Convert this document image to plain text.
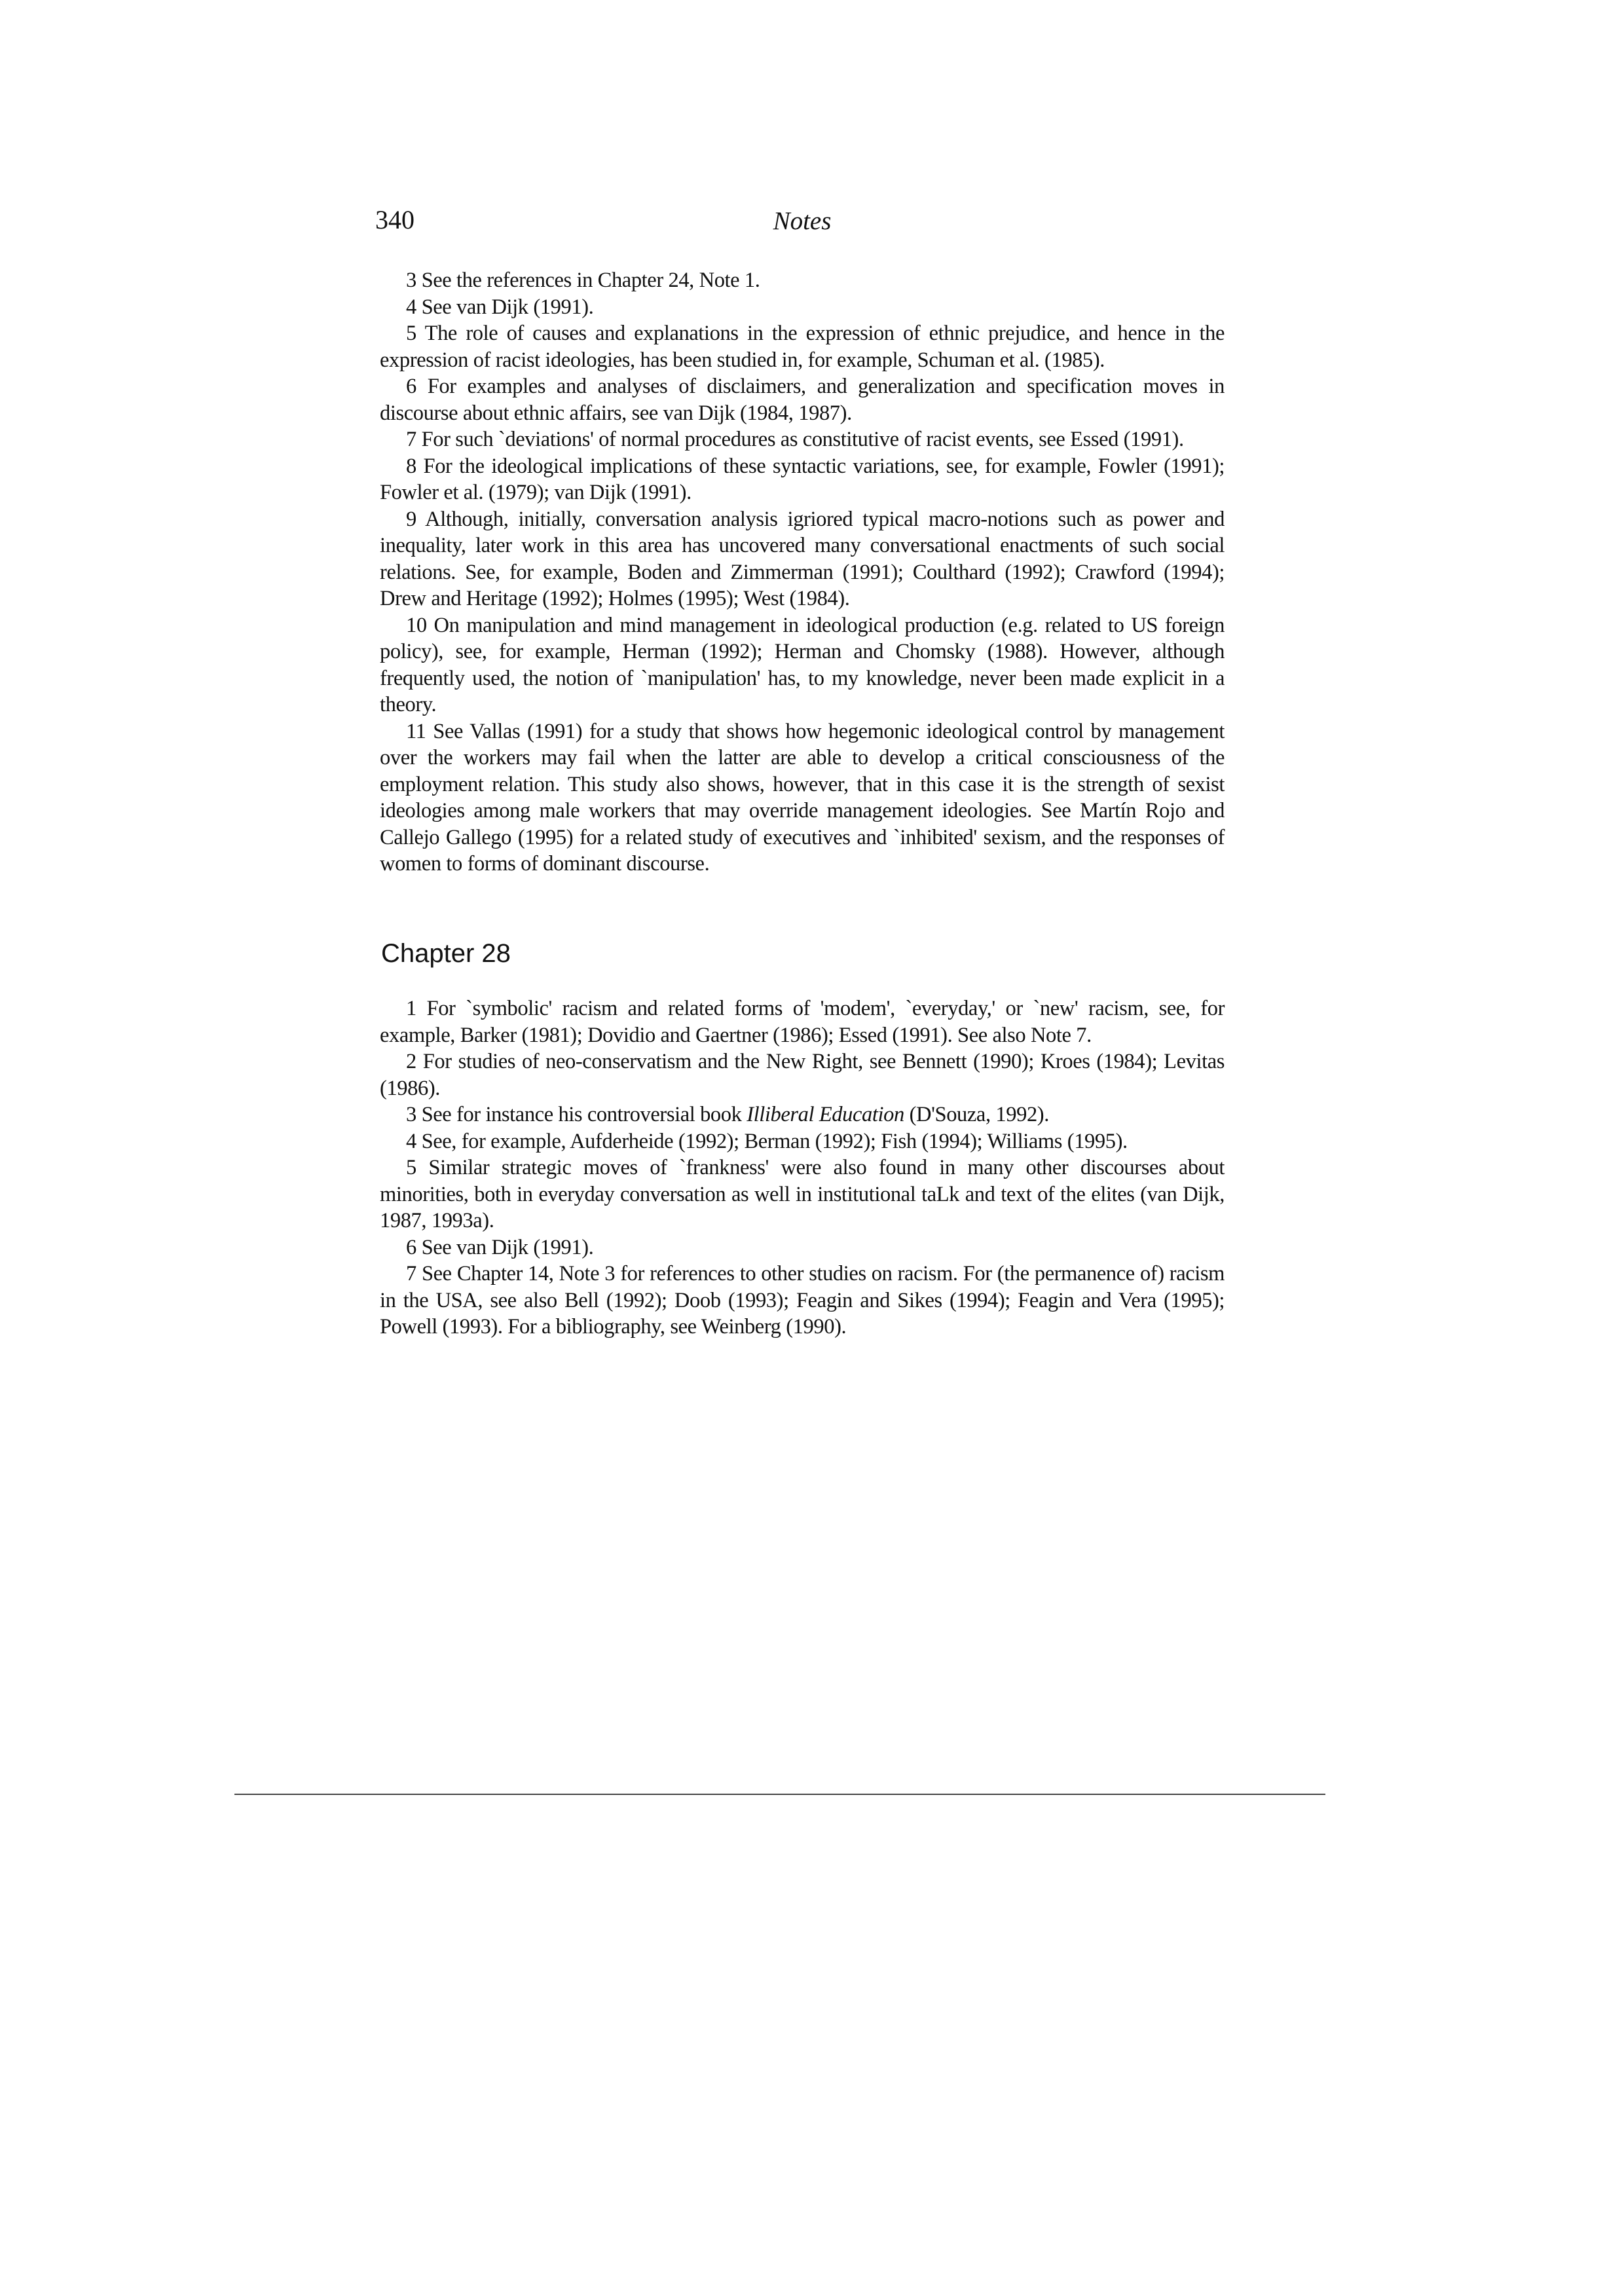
340	Notes

3 See the references in Chapter 24, Note 1.

4 See van Dijk (1991).

5 The role of causes and explanations in the expression of ethnic prejudice, and hence in the expression of racist ideologies, has been studied in, for example, Schuman et al. (1985).

6 For examples and analyses of disclaimers, and generalization and specification moves in discourse about ethnic affairs, see van Dijk (1984, 1987).

7 For such `deviations' of normal procedures as constitutive of racist events, see Essed (1991).

8 For the ideological implications of these syntactic variations, see, for example, Fowler (1991); Fowler et al. (1979); van Dijk (1991).

9 Although, initially, conversation analysis igriored typical macro-notions such as power and inequality, later work in this area has uncovered many conversational enactments of such social relations. See, for example, Boden and Zimmerman (1991); Coulthard (1992); Crawford (1994); Drew and Heritage (1992); Holmes (1995); West (1984).

10 On manipulation and mind management in ideological production (e.g. related to US foreign policy), see, for example, Herman (1992); Herman and Chomsky (1988). However, although frequently used, the notion of `manipulation' has, to my knowledge, never been made explicit in a theory.

11 See Vallas (1991) for a study that shows how hegemonic ideological control by management over the workers may fail when the latter are able to develop a critical consciousness of the employment relation. This study also shows, however, that in this case it is the strength of sexist ideologies among male workers that may override management ideologies. See Martín Rojo and Callejo Gallego (1995) for a related study of executives and `inhibited' sexism, and the responses of women to forms of dominant discourse.

Chapter 28

1 For `symbolic' racism and related forms of 'modem', `everyday,' or `new' racism, see, for example, Barker (1981); Dovidio and Gaertner (1986); Essed (1991). See also Note 7.

2 For studies of neo-conservatism and the New Right, see Bennett (1990); Kroes (1984); Levitas (1986).

3 See for instance his controversial book Illiberal Education (D'Souza, 1992).

4 See, for example, Aufderheide (1992); Berman (1992); Fish (1994); Williams (1995).

5 Similar strategic moves of `frankness' were also found in many other discourses about minorities, both in everyday conversation as well in institutional taLk and text of the elites (van Dijk, 1987, 1993a).

6 See van Dijk (1991).

7 See Chapter 14, Note 3 for references to other studies on racism. For (the permanence of) racism in the USA, see also Bell (1992); Doob (1993); Feagin and Sikes (1994); Feagin and Vera (1995); Powell (1993). For a bibliography, see Weinberg (1990).
